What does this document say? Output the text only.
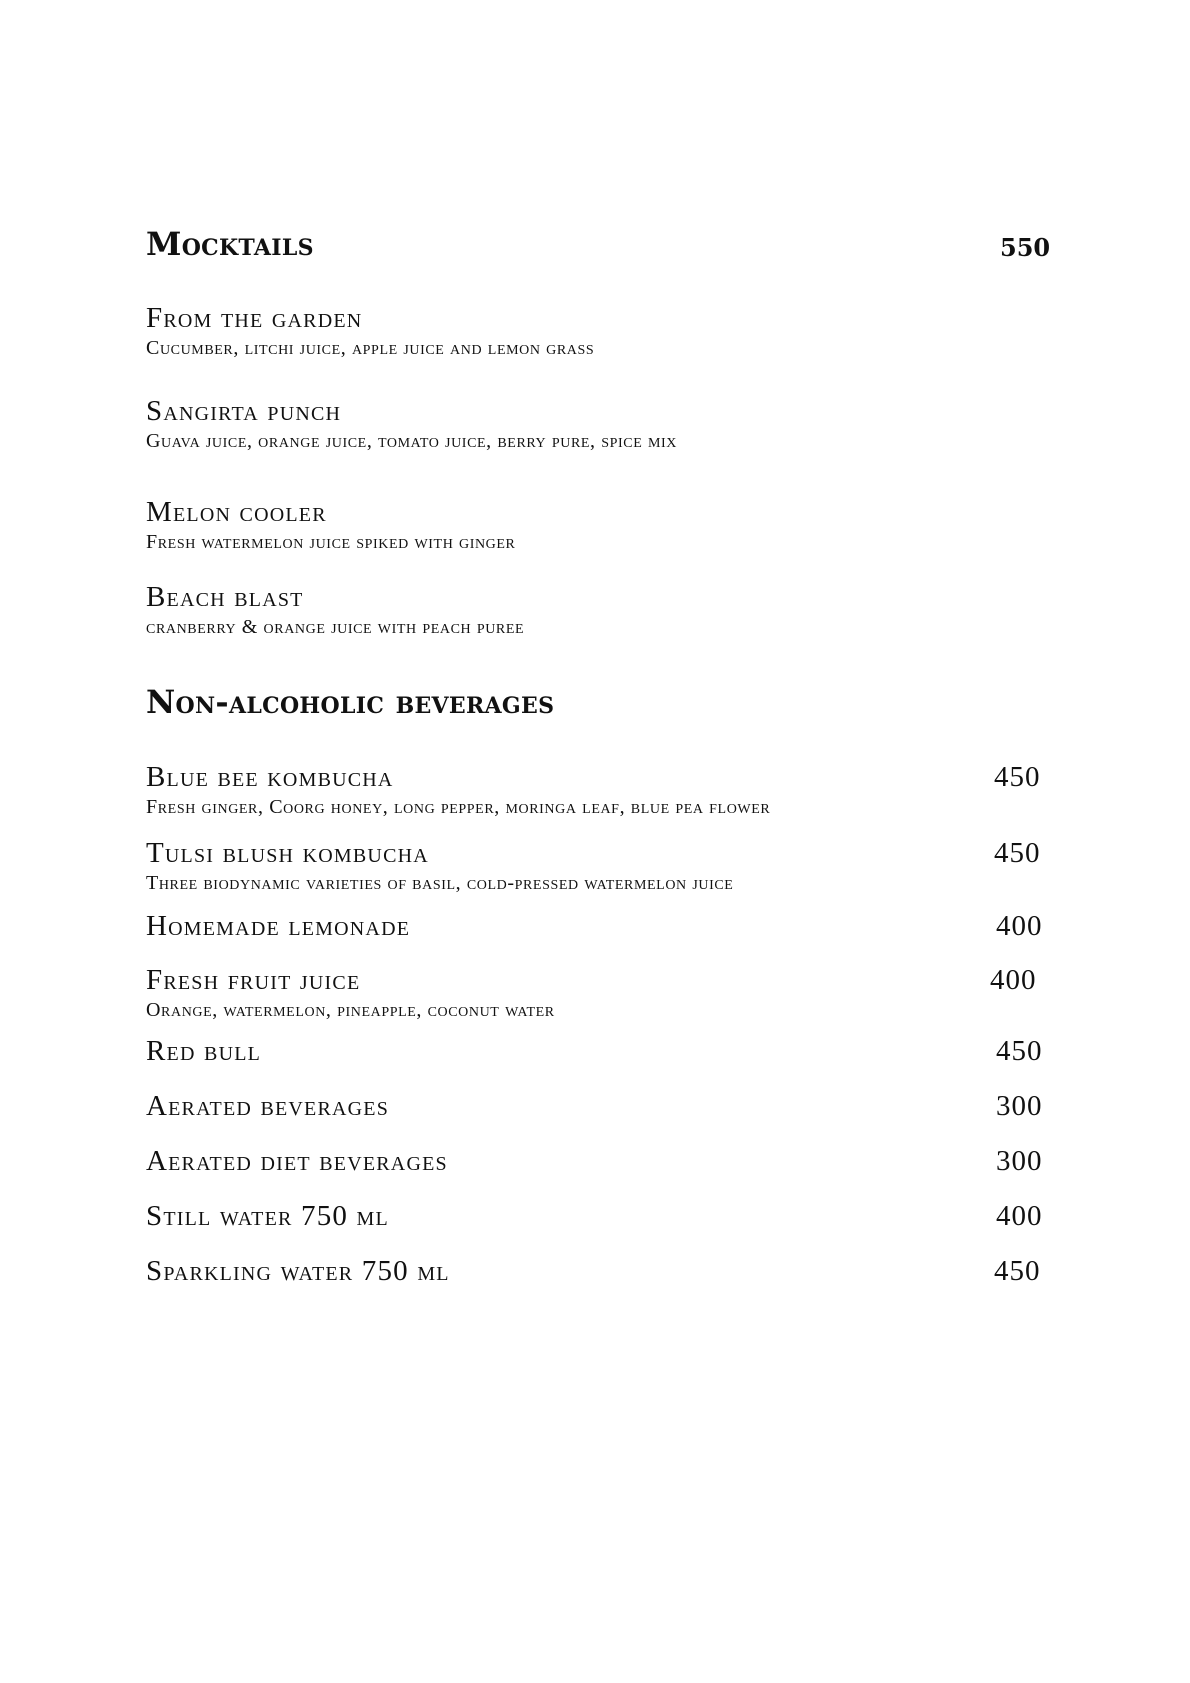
Mocktails	550
From the garden
Cucumber, litchi juice, apple juice and lemon grass
Sangirta punch
Guava juice, orange juice, tomato juice, berry pure, spice mix
Melon cooler
Fresh watermelon juice spiked with ginger
Beach blast
cranberry & orange juice with peach puree
Non-alcoholic beverages
Blue bee kombucha
Fresh ginger, Coorg honey, long pepper, moringa leaf, blue pea flower
450
Tulsi blush kombucha
Three biodynamic varieties of basil, cold-pressed watermelon juice
450
Homemade lemonade	400
Fresh fruit juice
Orange, watermelon, pineapple, coconut water
400
Red bull	450
Aerated beverages	300
Aerated diet beverages	300
Still water 750 ml	400
Sparkling water 750 ml	450
